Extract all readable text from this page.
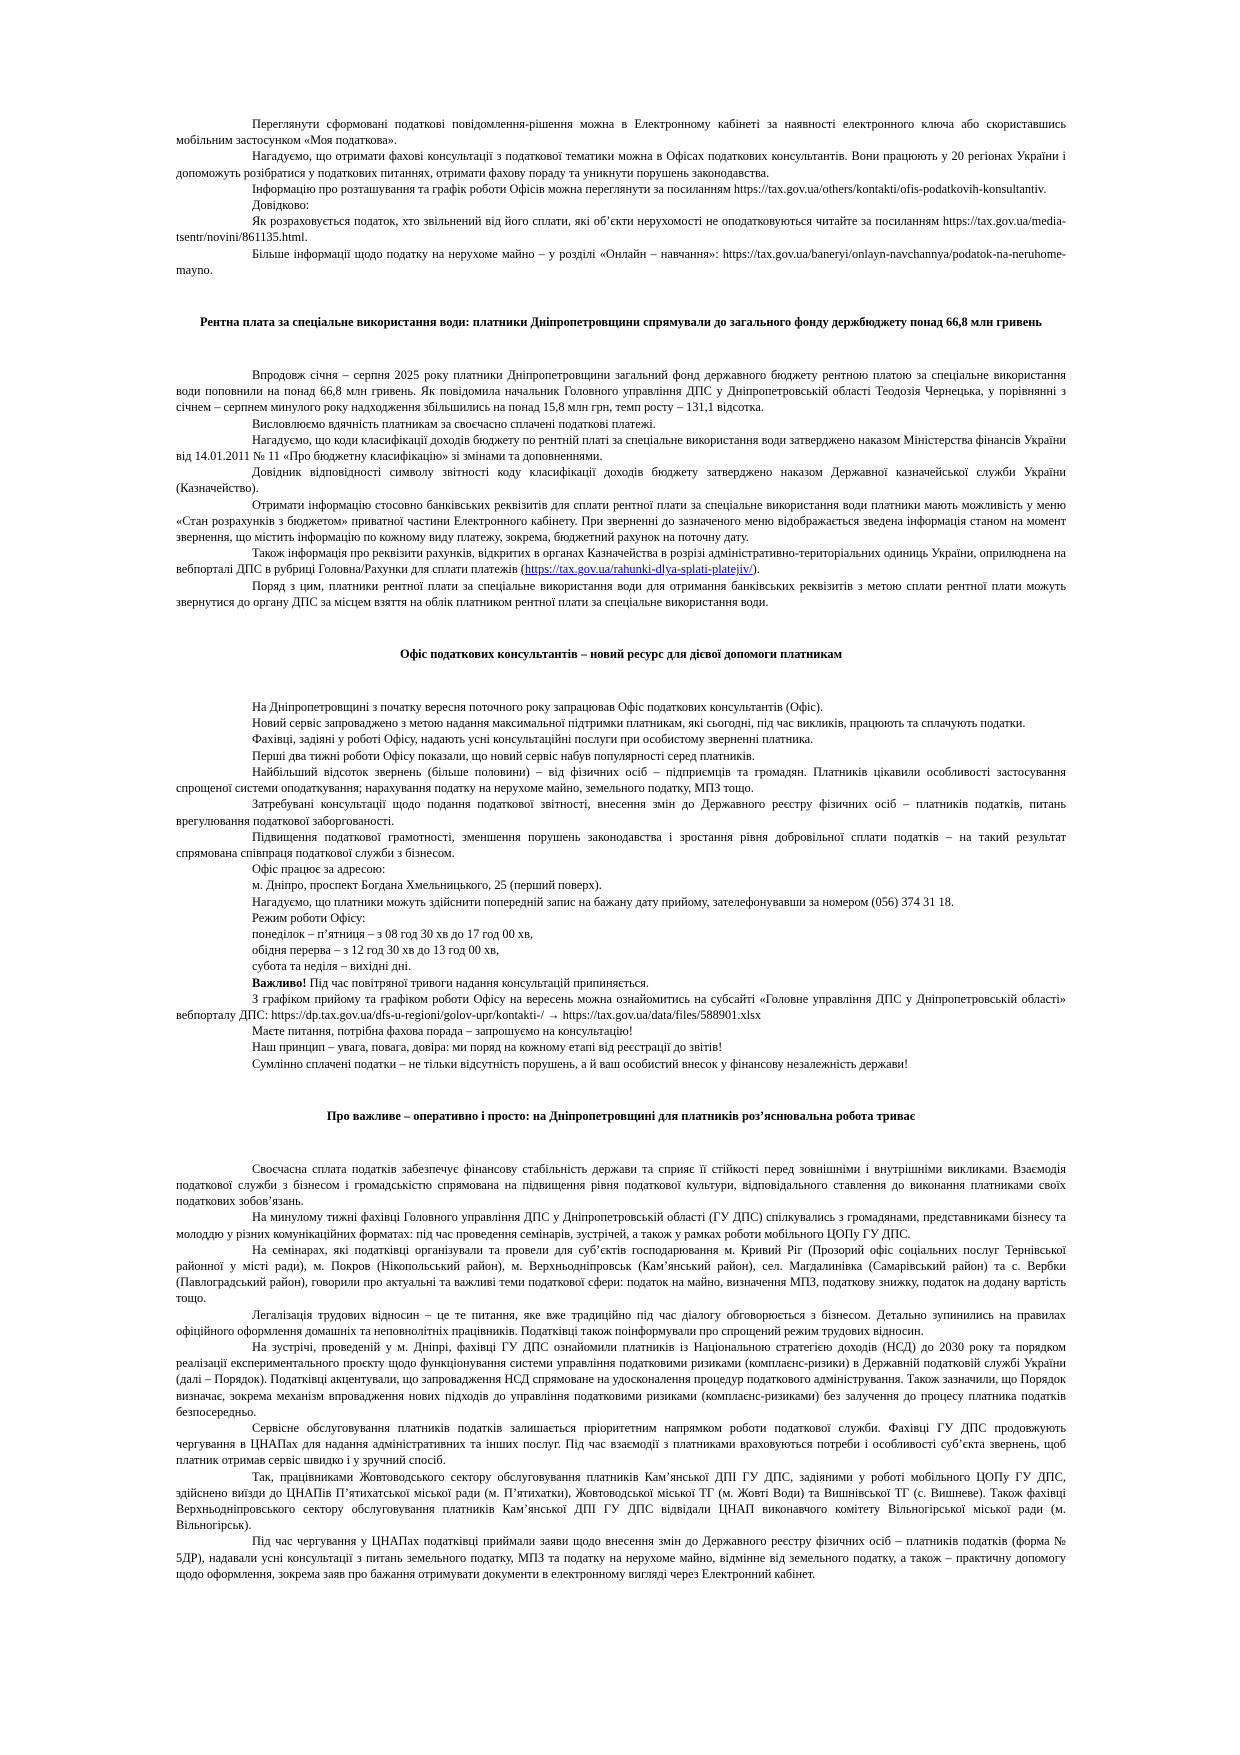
Переглянути сформовані податкові повідомлення-рішення можна в Електронному кабінеті за наявності електронного ключа або скориставшись мобільним застосунком «Моя податкова».

Нагадуємо, що отримати фахові консультації з податкової тематики можна в Офісах податкових консультантів. Вони працюють у 20 регіонах України і допоможуть розібратися у податкових питаннях, отримати фахову пораду та уникнути порушень законодавства.

Інформацію про розташування та графік роботи Офісів можна переглянути за посиланням https://tax.gov.ua/others/kontakti/ofis-podatkovih-konsultantiv.

Довідково:

Як розраховується податок, хто звільнений від його сплати, які об’єкти нерухомості не оподатковуються читайте за посиланням https://tax.gov.ua/media-tsentr/novini/861135.html.

Більше інформації щодо податку на нерухоме майно – у розділі «Онлайн – навчання»: https://tax.gov.ua/baneryi/onlayn-navchannya/podatok-na-neruhome-mayno.

Рентна плата за спеціальне використання води: платники Дніпропетровщини спрямували до загального фонду держбюджету понад 66,8 млн гривень

Впродовж січня – серпня 2025 року платники Дніпропетровщини загальний фонд державного бюджету рентною платою за спеціальне використання води поповнили на понад 66,8 млн гривень. Як повідомила начальник Головного управління ДПС у Дніпропетровській області Теодозія Чернецька, у порівнянні з січнем – серпнем минулого року надходження збільшились на понад 15,8 млн грн, темп росту – 131,1 відсотка.

Висловлюємо вдячність платникам за своєчасно сплачені податкові платежі.

Нагадуємо, що коди класифікації доходів бюджету по рентній платі за спеціальне використання води затверджено наказом Міністерства фінансів України від 14.01.2011 № 11 «Про бюджетну класифікацію» зі змінами та доповненнями.

Довідник відповідності символу звітності коду класифікації доходів бюджету затверджено наказом Державної казначейської служби України (Казначейство).

Отримати інформацію стосовно банківських реквізитів для сплати рентної плати за спеціальне використання води платники мають можливість у меню «Стан розрахунків з бюджетом» приватної частини Електронного кабінету. При зверненні до зазначеного меню відображається зведена інформація станом на момент звернення, що містить інформацію по кожному виду платежу, зокрема, бюджетний рахунок на поточну дату.

Також інформація про реквізити рахунків, відкритих в органах Казначейства в розрізі адміністративно-територіальних одиниць України, оприлюднена на вебпорталі ДПС в рубриці Головна/Рахунки для сплати платежів (https://tax.gov.ua/rahunki-dlya-splati-platejiv/).

Поряд з цим, платники рентної плати за спеціальне використання води для отримання банківських реквізитів з метою сплати рентної плати можуть звернутися до органу ДПС за місцем взяття на облік платником рентної плати за спеціальне використання води.

Офіс податкових консультантів – новий ресурс для дієвої допомоги платникам

На Дніпропетровщині з початку вересня поточного року запрацював Офіс податкових консультантів (Офіс).

Новий сервіс запроваджено з метою надання максимальної підтримки платникам, які сьогодні, під час викликів, працюють та сплачують податки.

Фахівці, задіяні у роботі Офісу, надають усні консультаційні послуги при особистому зверненні платника.

Перші два тижні роботи Офісу показали, що новий сервіс набув популярності серед платників.

Найбільший відсоток звернень (більше половини) – від фізичних осіб – підприємців та громадян. Платників цікавили особливості застосування спрощеної системи оподаткування; нарахування податку на нерухоме майно, земельного податку, МПЗ тощо.

Затребувані консультації щодо подання податкової звітності, внесення змін до Державного реєстру фізичних осіб – платників податків, питань врегулювання податкової заборгованості.

Підвищення податкової грамотності, зменшення порушень законодавства і зростання рівня добровільної сплати податків – на такий результат спрямована співпраця податкової служби з бізнесом.

Офіс працює за адресою:

м. Дніпро, проспект Богдана Хмельницького, 25 (перший поверх).

Нагадуємо, що платники можуть здійснити попередній запис на бажану дату прийому, зателефонувавши за номером (056) 374 31 18.

Режим роботи Офісу:

понеділок – п’ятниця – з 08 год 30 хв до 17 год 00 хв,

обідня перерва – з 12 год 30 хв до 13 год 00 хв,

субота та неділя – вихідні дні.

Важливо! Під час повітряної тривоги надання консультацій припиняється.

З графіком прийому та графіком роботи Офісу на вересень можна ознайомитись на субсайті «Головне управління ДПС у Дніпропетровській області» вебпорталу ДПС: https://dp.tax.gov.ua/dfs-u-regioni/golov-upr/kontakti-/ → https://tax.gov.ua/data/files/588901.xlsx

Маєте питання, потрібна фахова порада – запрошуємо на консультацію!

Наш принцип – увага, повага, довіра: ми поряд на кожному етапі від реєстрації до звітів!

Сумлінно сплачені податки – не тільки відсутність порушень, а й ваш особистий внесок у фінансову незалежність держави!

Про важливе – оперативно і просто: на Дніпропетровщині для платників роз’яснювальна робота триває

Своєчасна сплата податків забезпечує фінансову стабільність держави та сприяє її стійкості перед зовнішніми і внутрішніми викликами. Взаємодія податкової служби з бізнесом і громадськістю спрямована на підвищення рівня податкової культури, відповідального ставлення до виконання платниками своїх податкових зобов’язань.

На минулому тижні фахівці Головного управління ДПС у Дніпропетровській області (ГУ ДПС) спілкувались з громадянами, представниками бізнесу та молоддю у різних комунікаційних форматах: під час проведення семінарів, зустрічей, а також у рамках роботи мобільного ЦОПу ГУ ДПС.

На семінарах, які податківці організували та провели для суб’єктів господарювання м. Кривий Ріг (Прозорий офіс соціальних послуг Тернівської районної у місті ради), м. Покров (Нікопольський район), м. Верхньодніпровськ (Кам’янський район), сел. Магдалинівка (Самарівський район) та с. Вербки (Павлоградський район), говорили про актуальні та важливі теми податкової сфери: податок на майно, визначення МПЗ, податкову знижку, податок на додану вартість тощо.

Легалізація трудових відносин – це те питання, яке вже традиційно під час діалогу обговорюється з бізнесом. Детально зупинились на правилах офіційного оформлення домашніх та неповнолітніх працівників. Податківці також поінформували про спрощений режим трудових відносин.

На зустрічі, проведеній у м. Дніпрі, фахівці ГУ ДПС ознайомили платників із Національною стратегією доходів (НСД) до 2030 року та порядком реалізації експериментального проєкту щодо функціонування системи управління податковими ризиками (комплаєнс-ризики) в Державній податковій службі України (далі – Порядок). Податківці акцентували, що запровадження НСД спрямоване на удосконалення процедур податкового адміністрування. Також зазначили, що Порядок визначає, зокрема механізм впровадження нових підходів до управління податковими ризиками (комплаєнс-ризиками) без залучення до процесу платника податків безпосередньо.

Сервісне обслуговування платників податків залишається пріоритетним напрямком роботи податкової служби. Фахівці ГУ ДПС продовжують чергування в ЦНАПах для надання адміністративних та інших послуг. Під час взаємодії з платниками враховуються потреби і особливості суб’єкта звернень, щоб платник отримав сервіс швидко і у зручний спосіб.

Так, працівниками Жовтоводського сектору обслуговування платників Кам’янської ДПІ ГУ ДПС, задіяними у роботі мобільного ЦОПу ГУ ДПС, здійснено виїзди до ЦНАПів П’ятихатської міської ради (м. П’ятихатки), Жовтоводської міської ТГ (м. Жовті Води) та Вишнівської ТГ (с. Вишневе). Також фахівці Верхньодніпровського сектору обслуговування платників Кам’янської ДПІ ГУ ДПС відвідали ЦНАП виконавчого комітету Вільногірської міської ради (м. Вільногірськ).

Під час чергування у ЦНАПах податківці приймали заяви щодо внесення змін до Державного реєстру фізичних осіб – платників податків (форма № 5ДР), надавали усні консультації з питань земельного податку, МПЗ та податку на нерухоме майно, відмінне від земельного податку, а також – практичну допомогу щодо оформлення, зокрема заяв про бажання отримувати документи в електронному вигляді через Електронний кабінет.
